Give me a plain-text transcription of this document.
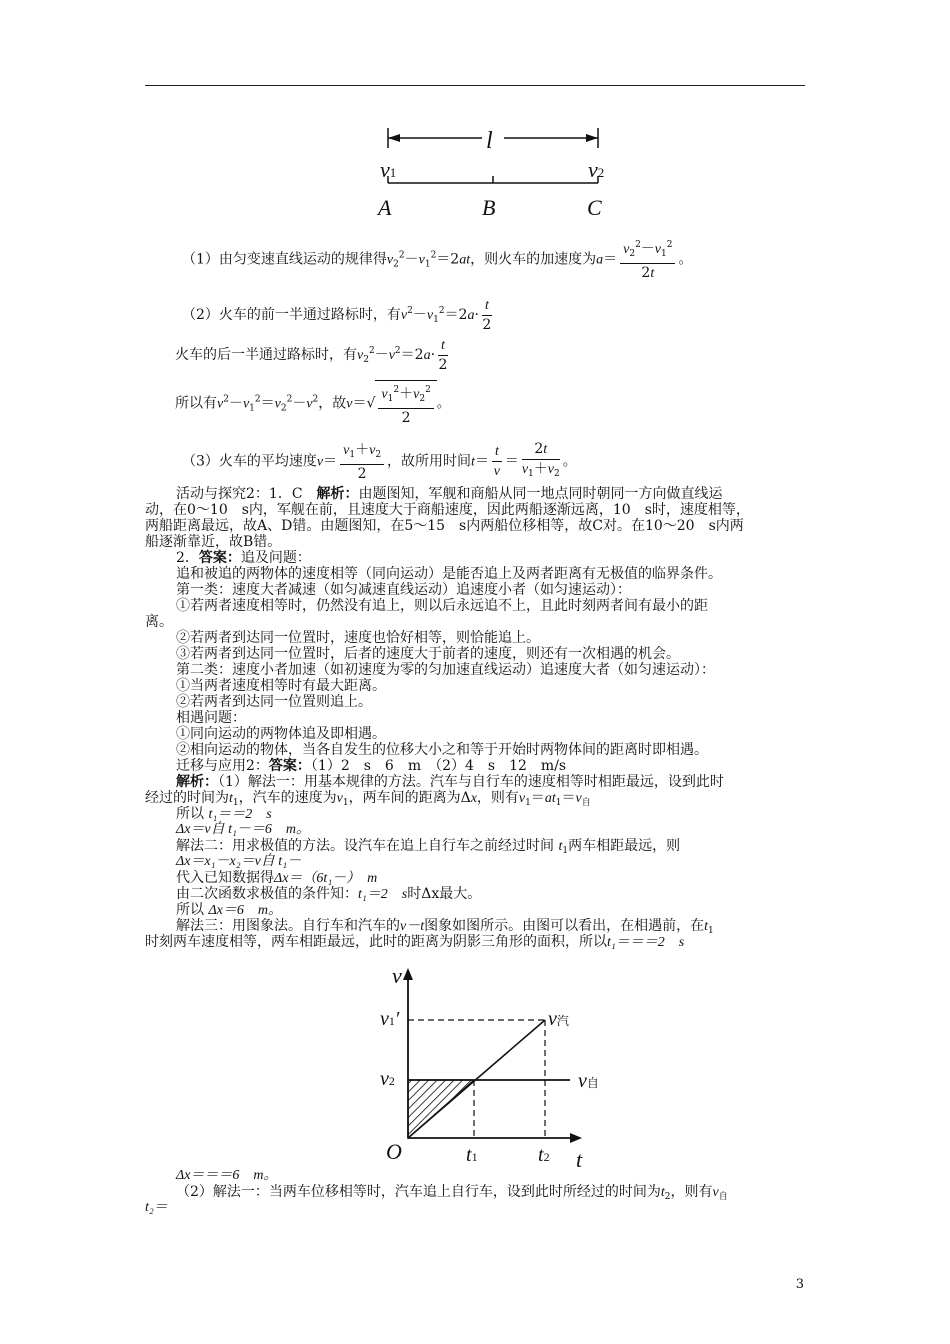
l
v1	v2
A	B	C
（1）由匀变速直线运动的规律得$v_2^2-v_1^2=2at$，则火车的加速度为$a= \frac{v_2^2-v_1^2}{2t}$ 。
（2）火车的前一半通过路标时，有$v^2-v_1^2=2a\cdot \frac{t}{2}$
火车的后一半通过路标时，有$v_2^2-v^2=2a\cdot \frac{t}{2}$
所以有$v^2-v_1^2=v_2^2-v^2$，故$v=√ \frac{v_1^2+v_2^2}{2}$ 。
（3）火车的平均速度$v= \frac{v_1+v_2}{2}$ ，故所用时间$t= \frac{t}{v} = \frac{2t}{v_1+v_2}$ 。
活动与探究2：1．C　解析：由题图知，军舰和商船从同一地点同时朝同一方向做直线运
动，在0～10　s内，军舰在前，且速度大于商船速度，因此两船逐渐远离，10　s时，速度相等，
两船距离最远，故A、D错。由题图知，在5～15　s内两船位移相等，故C对。在10～20　s内两
船逐渐靠近，故B错。
2．答案：追及问题：
追和被追的两物体的速度相等（同向运动）是能否追上及两者距离有无极值的临界条件。
第一类：速度大者减速（如匀减速直线运动）追速度小者（如匀速运动）：
①若两者速度相等时，仍然没有追上，则以后永远追不上，且此时刻两者间有最小的距
离。
②若两者到达同一位置时，速度也恰好相等，则恰能追上。
③若两者到达同一位置时，后者的速度大于前者的速度，则还有一次相遇的机会。
第二类：速度小者加速（如初速度为零的匀加速直线运动）追速度大者（如匀速运动）：
①当两者速度相等时有最大距离。
②若两者到达同一位置则追上。
相遇问题：
①同向运动的两物体追及即相遇。
②相向运动的物体，当各自发生的位移大小之和等于开始时两物体间的距离时即相遇。
迁移与应用2：答案：（1）2　s　6　m　（2）4　s　12　m/s
解析：（1）解法一：用基本规律的方法。汽车与自行车的速度相等时相距最远，设到此时
经过的时间为$t_1$，汽车的速度为$v_1$，两车间的距离为Δx，则有$v_1=at_1=v_自$
所以 t₁＝＝2　s
Δx＝v自 t₁－＝6　m。
解法二：用求极值的方法。设汽车在追上自行车之前经过时间 $t_1$两车相距最远，则
Δx＝x₁－x₂＝v自 t₁－
代入已知数据得Δx＝（6t₁－）　m
由二次函数求极值的条件知：t₁＝2　s时Δx最大。
所以 Δx＝6　m。
解法三：用图象法。自行车和汽车的v－t图象如图所示。由图可以看出，在相遇前，在$t_1$
时刻两车速度相等，两车相距最远，此时的距离为阴影三角形的面积，所以t₁＝＝＝2　s
v
v1′
v2
v汽
v自
O	t1	t2 t
Δx＝＝＝6　m。
（2）解法一：当两车位移相等时，汽车追上自行车，设到此时所经过的时间为$t_2$，则有$v_自$
t₂＝
3
